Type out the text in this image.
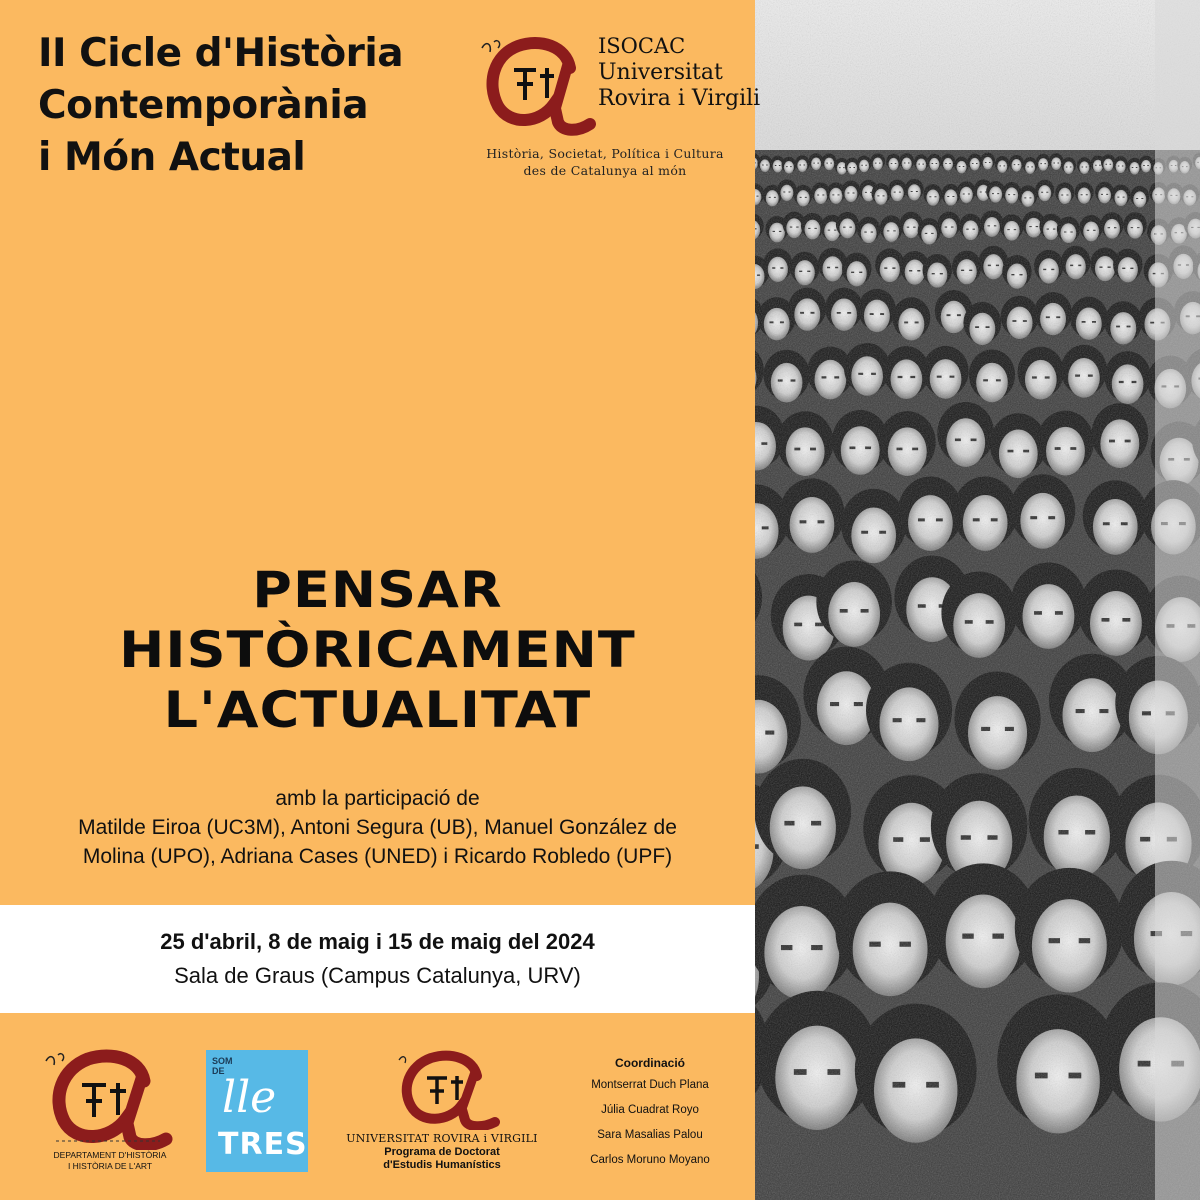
II Cicle d'Història
Contemporània
i Món Actual
ISOCAC
Universitat
Rovira i Virgili
Història, Societat, Política i Cultura
des de Catalunya al món
PENSAR
HISTÒRICAMENT
L'ACTUALITAT
amb la participació de
Matilde Eiroa (UC3M), Antoni Segura (UB), Manuel González de
Molina (UPO), Adriana Cases (UNED) i Ricardo Robledo (UPF)
25 d'abril, 8 de maig i 15 de maig del 2024
Sala de Graus (Campus Catalunya, URV)
DEPARTAMENT D'HISTÒRIA
I HISTÒRIA DE L'ART
SOM
DE
lle
TRES	UNIVERSITAT ROVIRA i VIRGILI
Programa de Doctorat
d'Estudis Humanístics
Coordinació
Montserrat Duch Plana
Júlia Cuadrat Royo
Sara Masalias Palou
Carlos Moruno Moyano
